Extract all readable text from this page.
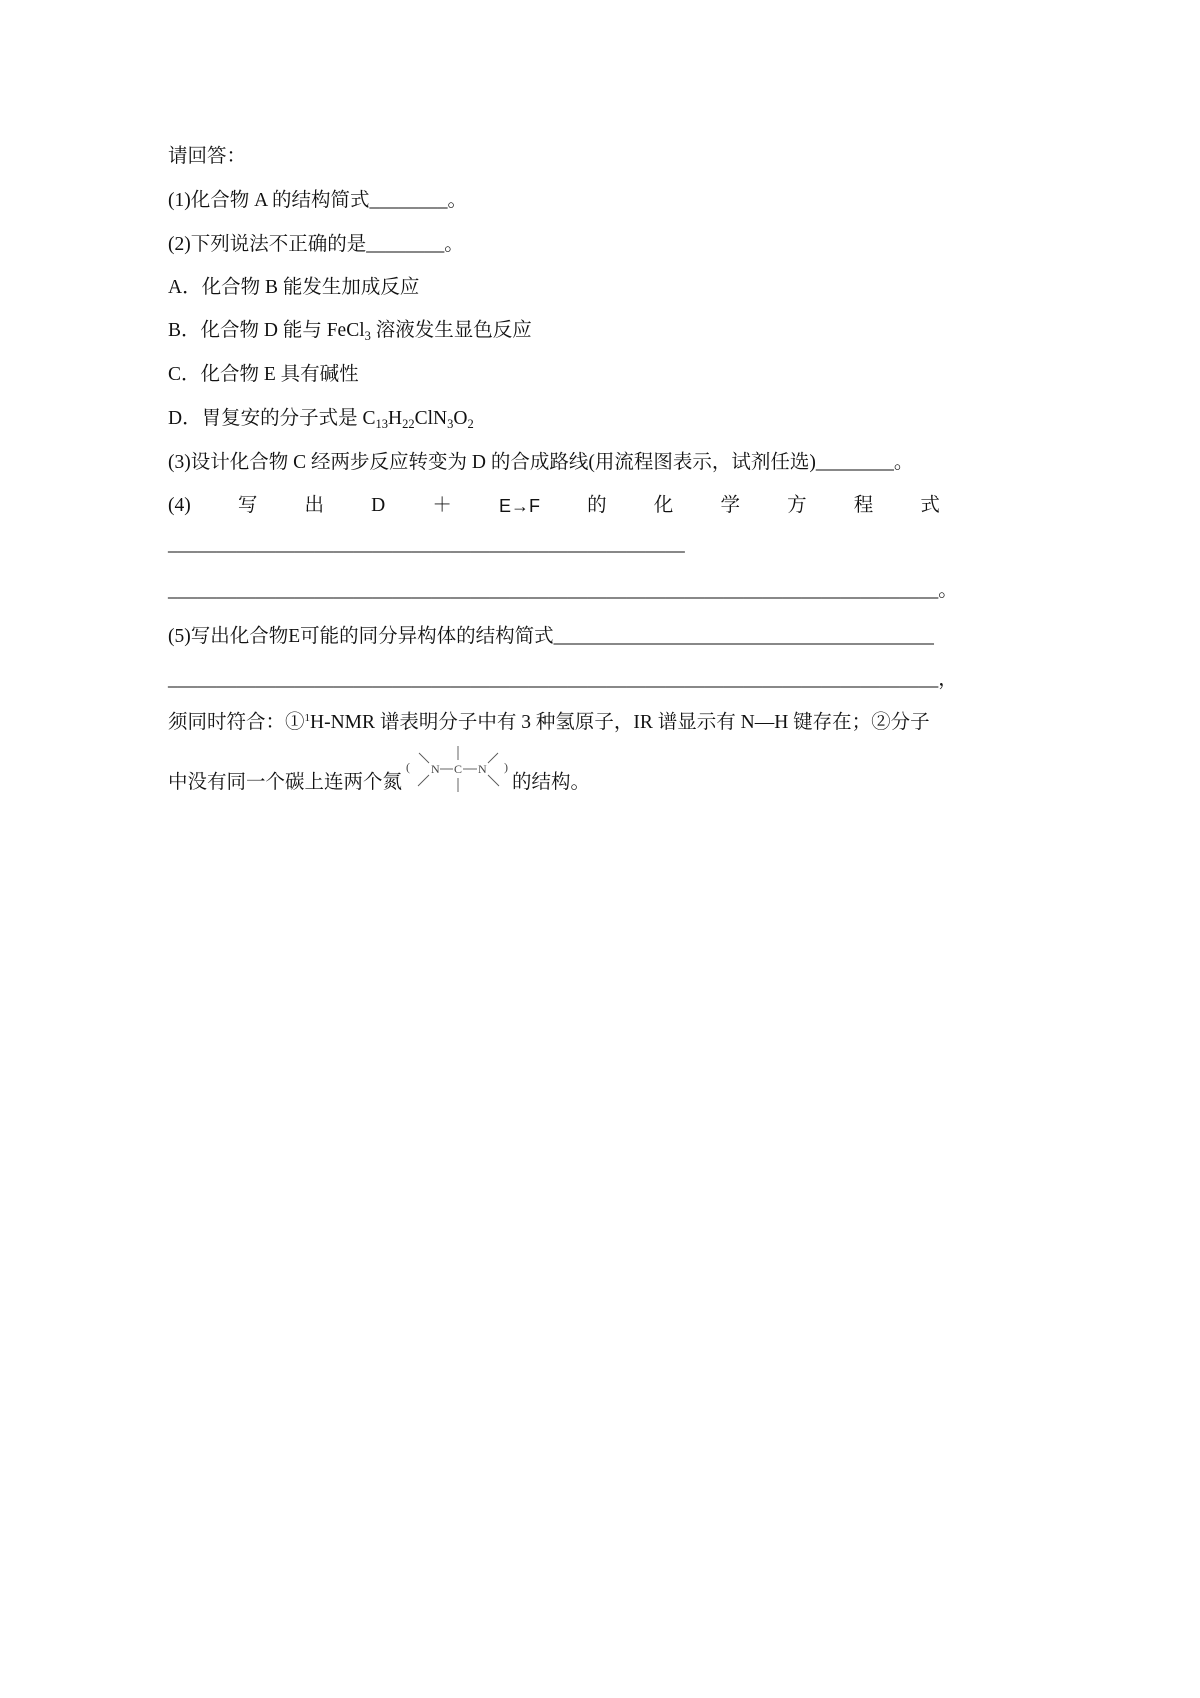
请回答：
(1)化合物 A 的结构简式________。
(2)下列说法不正确的是________。
A．化合物 B 能发生加成反应
B．化合物 D 能与 FeCl$_3$ 溶液发生显色反应
C．化合物 E 具有碱性
D．胃复安的分子式是 $C_{13}H_{22}ClN_3O_2$
(3)设计化合物 C 经两步反应转变为 D 的合成路线(用流程图表示，试剂任选)________。
(4) 写 出 D ＋	E→F 的 化 学 方 程 式
_____________________________________________________
_______________________________________________________________________________。
(5)写出化合物E可能的同分异构体的结构简式_______________________________________
_______________________________________________________________________________，
须同时符合：①$^1$H-NMR 谱表明分子中有 3 种氢原子，IR 谱显示有 N—H 键存在；②分子
中没有同一个碳上连两个氮
( N C N )
的结构。
